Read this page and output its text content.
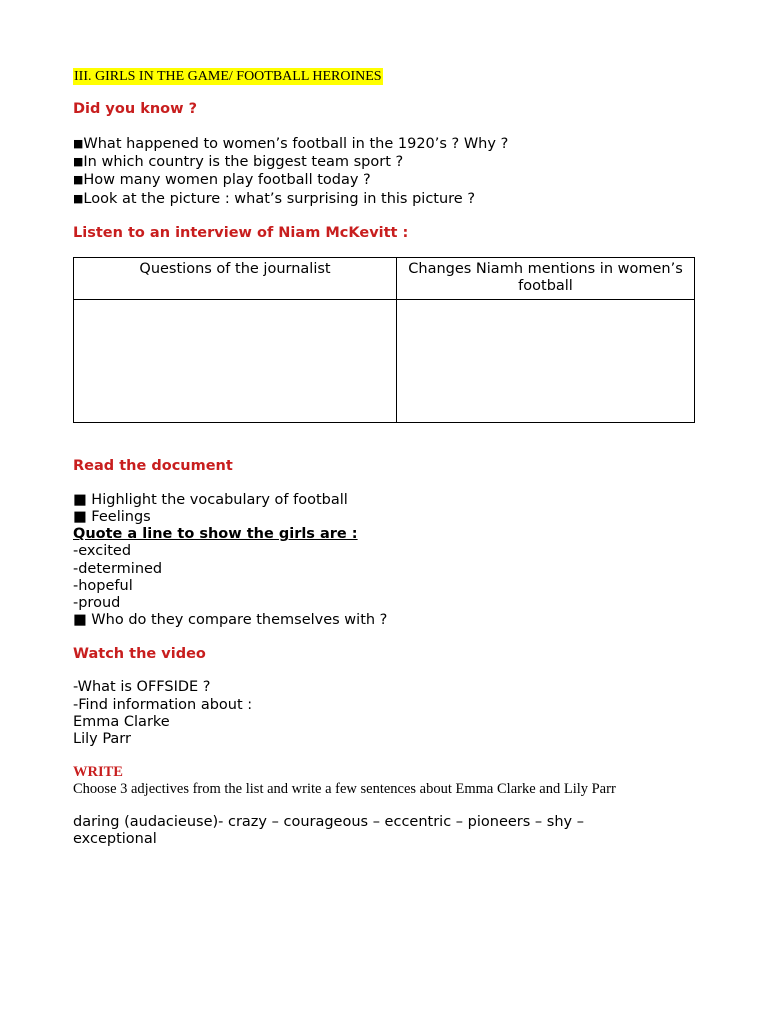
III. GIRLS IN THE GAME/ FOOTBALL HEROINES
Did you know ?
■What happened to women’s football in the 1920’s ? Why ?
■In which country is the biggest team sport ?
■How many women play football today ?
■Look at the picture : what’s surprising in this picture ?
Listen to an interview of Niam McKevitt :
Questions of the journalist	Changes Niamh mentions in women’s football

Read the document
■ Highlight the vocabulary of football
■ Feelings
Quote a line to show the girls are :
-excited
-determined
-hopeful
-proud
■ Who do they compare themselves with ?
Watch the video
-What is OFFSIDE ?
-Find information about :
Emma Clarke
Lily Parr
WRITE
Choose 3 adjectives from the list and write a few sentences about Emma Clarke and Lily Parr
daring (audacieuse)- crazy – courageous – eccentric – pioneers – shy –
exceptional
